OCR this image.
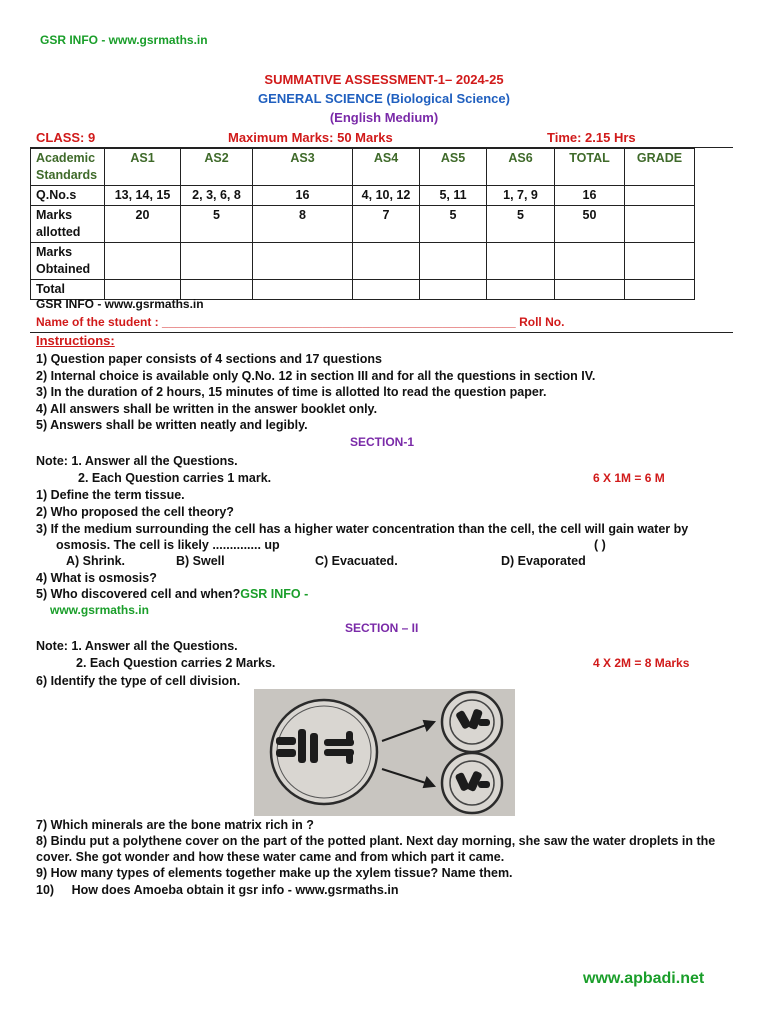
GSR INFO - www.gsrmaths.in
SUMMATIVE ASSESSMENT-1– 2024-25
GENERAL SCIENCE (Biological Science)
(English Medium)
CLASS: 9	Maximum Marks: 50 Marks	Time: 2.15 Hrs
Academic Standards	AS1	AS2	AS3	AS4	AS5	AS6	TOTAL	GRADE
Q.No.s	13, 14, 15	2, 3, 6, 8	16	4, 10, 12	5, 11	1, 7, 9	16	
Marks allotted	20	5	8	7	5	5	50	
Marks Obtained								
Total								
GSR INFO - www.gsrmaths.in
Name of the student : _____________________________________________________ Roll No.
Instructions:
1) Question paper consists of 4 sections and 17 questions
2) Internal choice is available only Q.No. 12 in section III and for all the questions in section IV.
3) In the duration of 2 hours, 15 minutes of time is allotted lto read the question paper.
4) All answers shall be written in the answer booklet only.
5) Answers shall be written neatly and legibly.
SECTION-1
Note: 1. Answer all the Questions.
2. Each Question carries 1 mark.	6 X 1M = 6 M
1) Define the term tissue.
2) Who proposed the cell theory?
3) If the medium surrounding the cell has a higher water concentration than the cell, the cell will gain water by
osmosis. The cell is likely .............. up	( )
A) Shrink.	B) Swell	C) Evacuated.	D) Evaporated
4) What is osmosis?
5) Who discovered cell and when?GSR INFO -
www.gsrmaths.in
SECTION – II
Note: 1. Answer all the Questions.
2. Each Question carries 2 Marks.	4 X 2M = 8 Marks
6) Identify the type of cell division.
7) Which minerals are the bone matrix rich in ?
8) Bindu put a polythene cover on the part of the potted plant. Next day morning, she saw the water droplets in the
cover. She got wonder and how these water came and from which part it came.
9) How many types of elements together make up the xylem tissue? Name them.
10) How does Amoeba obtain it gsr info - www.gsrmaths.in
www.apbadi.net
